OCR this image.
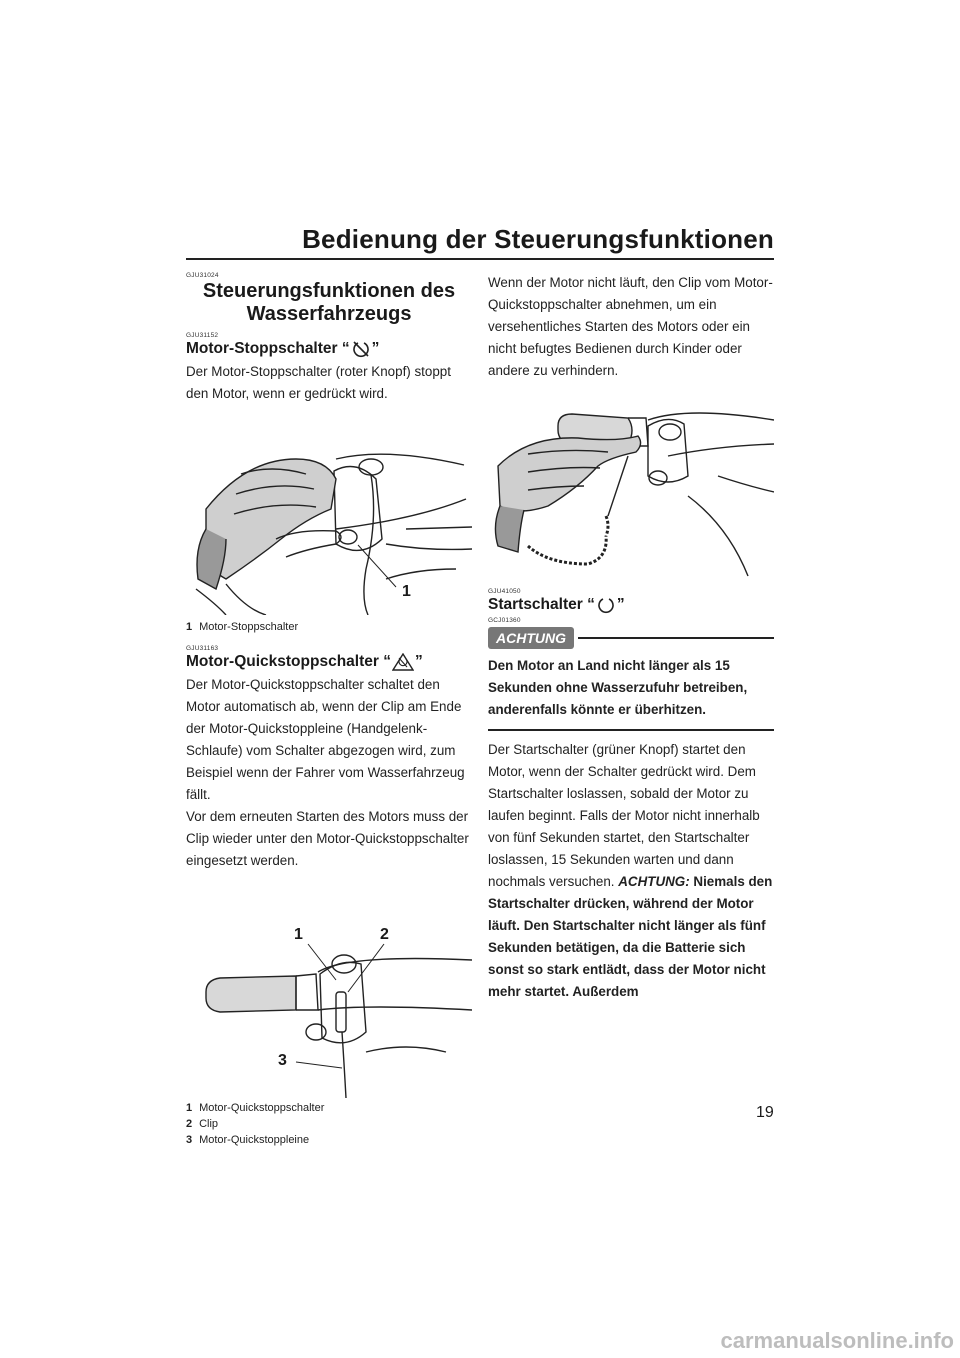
Bedienung der Steuerungsfunktionen
GJU31024
Steuerungsfunktionen des
Wasserfahrzeugs
GJU31152
Motor-Stoppschalter “ ”
Der Motor-Stoppschalter (roter Knopf) stoppt den Motor, wenn er gedrückt wird.
1
1 Motor-Stoppschalter
GJU31163
Motor-Quickstoppschalter “ ”
Der Motor-Quickstoppschalter schaltet den Motor automatisch ab, wenn der Clip am Ende der Motor-Quickstoppleine (Handgelenk-Schlaufe) vom Schalter abgezogen wird, zum Beispiel wenn der Fahrer vom Wasserfahrzeug fällt.
Vor dem erneuten Starten des Motors muss der Clip wieder unter den Motor-Quickstoppschalter eingesetzt werden.
1	2
3
1 Motor-Quickstoppschalter
2 Clip
3 Motor-Quickstoppleine
Wenn der Motor nicht läuft, den Clip vom Motor-Quickstoppschalter abnehmen, um ein versehentliches Starten des Motors oder ein nicht befugtes Bedienen durch Kinder oder andere zu verhindern.
GJU41050
Startschalter “ ”
GCJ01360
ACHTUNG
Den Motor an Land nicht länger als 15 Sekunden ohne Wasserzufuhr betreiben, anderenfalls könnte er überhitzen.
Der Startschalter (grüner Knopf) startet den Motor, wenn der Schalter gedrückt wird. Dem Startschalter loslassen, sobald der Motor zu laufen beginnt. Falls der Motor nicht innerhalb von fünf Sekunden startet, den Startschalter loslassen, 15 Sekunden warten und dann nochmals versuchen. ACHTUNG: Niemals den Startschalter drücken, während der Motor läuft. Den Startschalter nicht länger als fünf Sekunden betätigen, da die Batterie sich sonst so stark entlädt, dass der Motor nicht mehr startet. Außerdem
19
carmanualsonline.info
